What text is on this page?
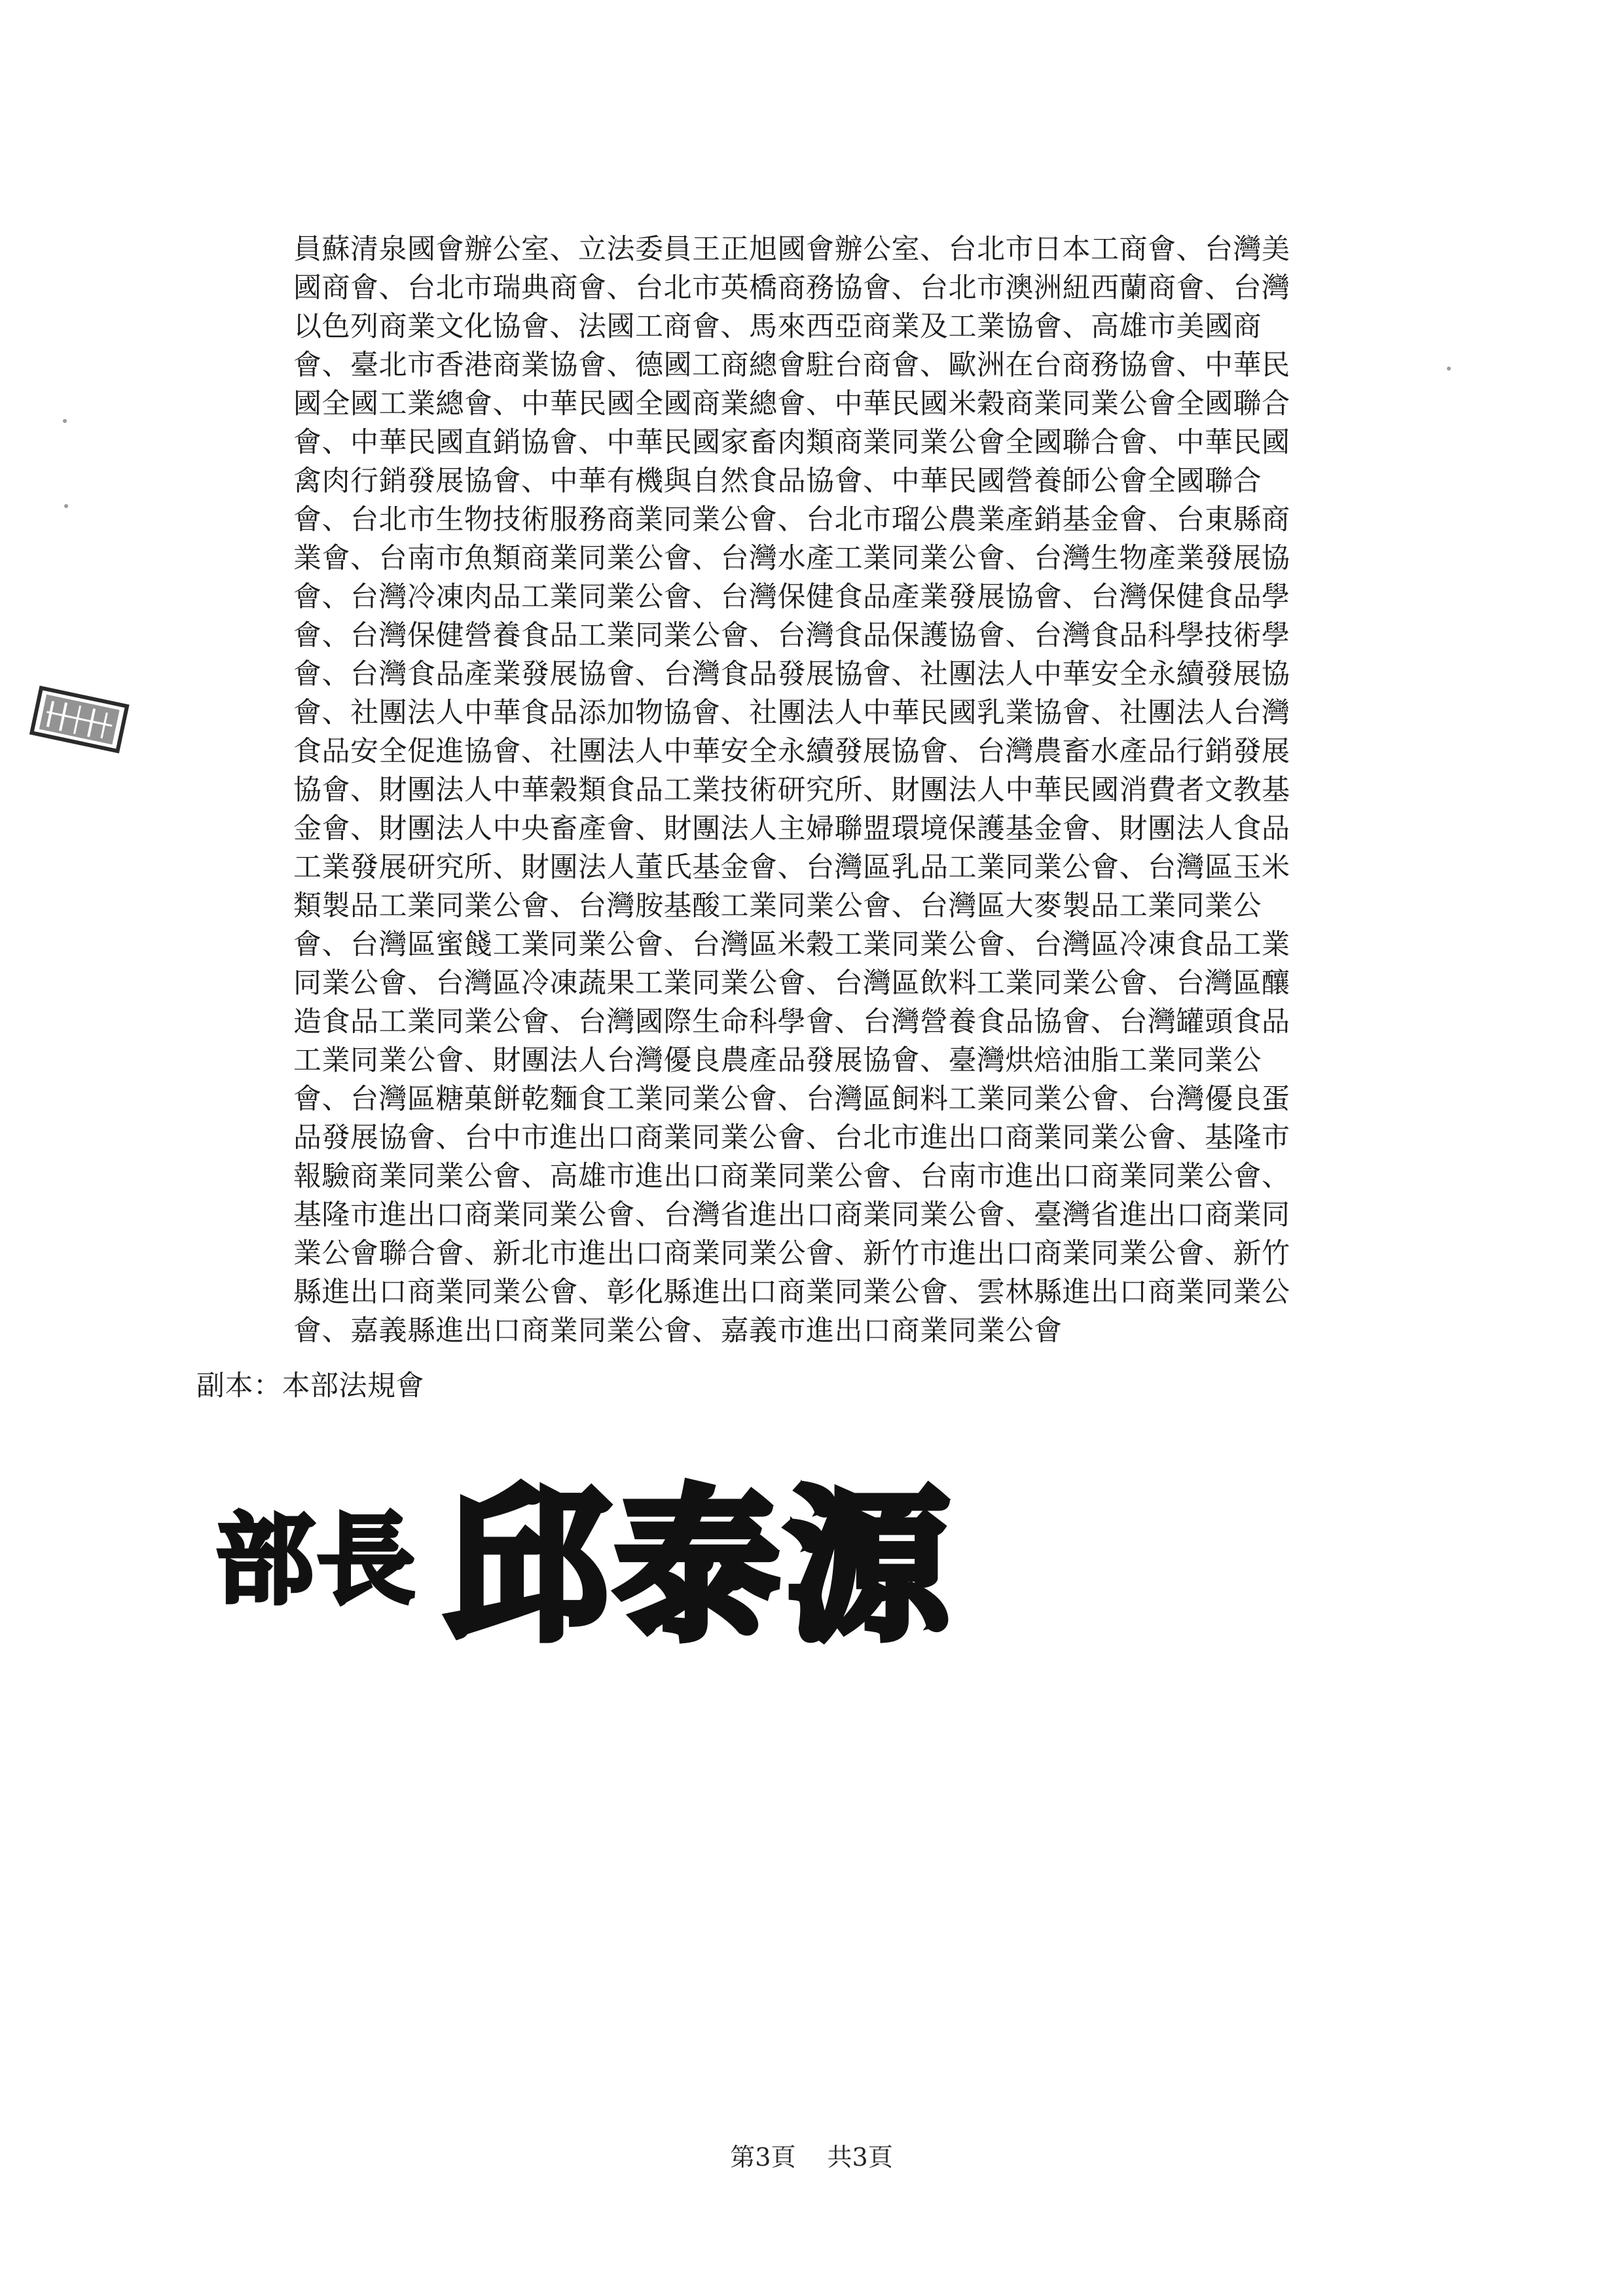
員蘇清泉國會辦公室、立法委員王正旭國會辦公室、台北市日本工商會、台灣美
國商會、台北市瑞典商會、台北市英橋商務協會、台北市澳洲紐西蘭商會、台灣
以色列商業文化協會、法國工商會、馬來西亞商業及工業協會、高雄市美國商
會、臺北市香港商業協會、德國工商總會駐台商會、歐洲在台商務協會、中華民
國全國工業總會、中華民國全國商業總會、中華民國米穀商業同業公會全國聯合
會、中華民國直銷協會、中華民國家畜肉類商業同業公會全國聯合會、中華民國
禽肉行銷發展協會、中華有機與自然食品協會、中華民國營養師公會全國聯合
會、台北市生物技術服務商業同業公會、台北市瑠公農業產銷基金會、台東縣商
業會、台南市魚類商業同業公會、台灣水產工業同業公會、台灣生物產業發展協
會、台灣冷凍肉品工業同業公會、台灣保健食品產業發展協會、台灣保健食品學
會、台灣保健營養食品工業同業公會、台灣食品保護協會、台灣食品科學技術學
會、台灣食品產業發展協會、台灣食品發展協會、社團法人中華安全永續發展協
會、社團法人中華食品添加物協會、社團法人中華民國乳業協會、社團法人台灣
食品安全促進協會、社團法人中華安全永續發展協會、台灣農畜水產品行銷發展
協會、財團法人中華穀類食品工業技術研究所、財團法人中華民國消費者文教基
金會、財團法人中央畜產會、財團法人主婦聯盟環境保護基金會、財團法人食品
工業發展研究所、財團法人董氏基金會、台灣區乳品工業同業公會、台灣區玉米
類製品工業同業公會、台灣胺基酸工業同業公會、台灣區大麥製品工業同業公
會、台灣區蜜餞工業同業公會、台灣區米穀工業同業公會、台灣區冷凍食品工業
同業公會、台灣區冷凍蔬果工業同業公會、台灣區飲料工業同業公會、台灣區釀
造食品工業同業公會、台灣國際生命科學會、台灣營養食品協會、台灣罐頭食品
工業同業公會、財團法人台灣優良農產品發展協會、臺灣烘焙油脂工業同業公
會、台灣區糖菓餅乾麵食工業同業公會、台灣區飼料工業同業公會、台灣優良蛋
品發展協會、台中市進出口商業同業公會、台北市進出口商業同業公會、基隆市
報驗商業同業公會、高雄市進出口商業同業公會、台南市進出口商業同業公會、
基隆市進出口商業同業公會、台灣省進出口商業同業公會、臺灣省進出口商業同
業公會聯合會、新北市進出口商業同業公會、新竹市進出口商業同業公會、新竹
縣進出口商業同業公會、彰化縣進出口商業同業公會、雲林縣進出口商業同業公
會、嘉義縣進出口商業同業公會、嘉義市進出口商業同業公會
副本：本部法規會
部長 邱泰源
第3頁 共3頁
